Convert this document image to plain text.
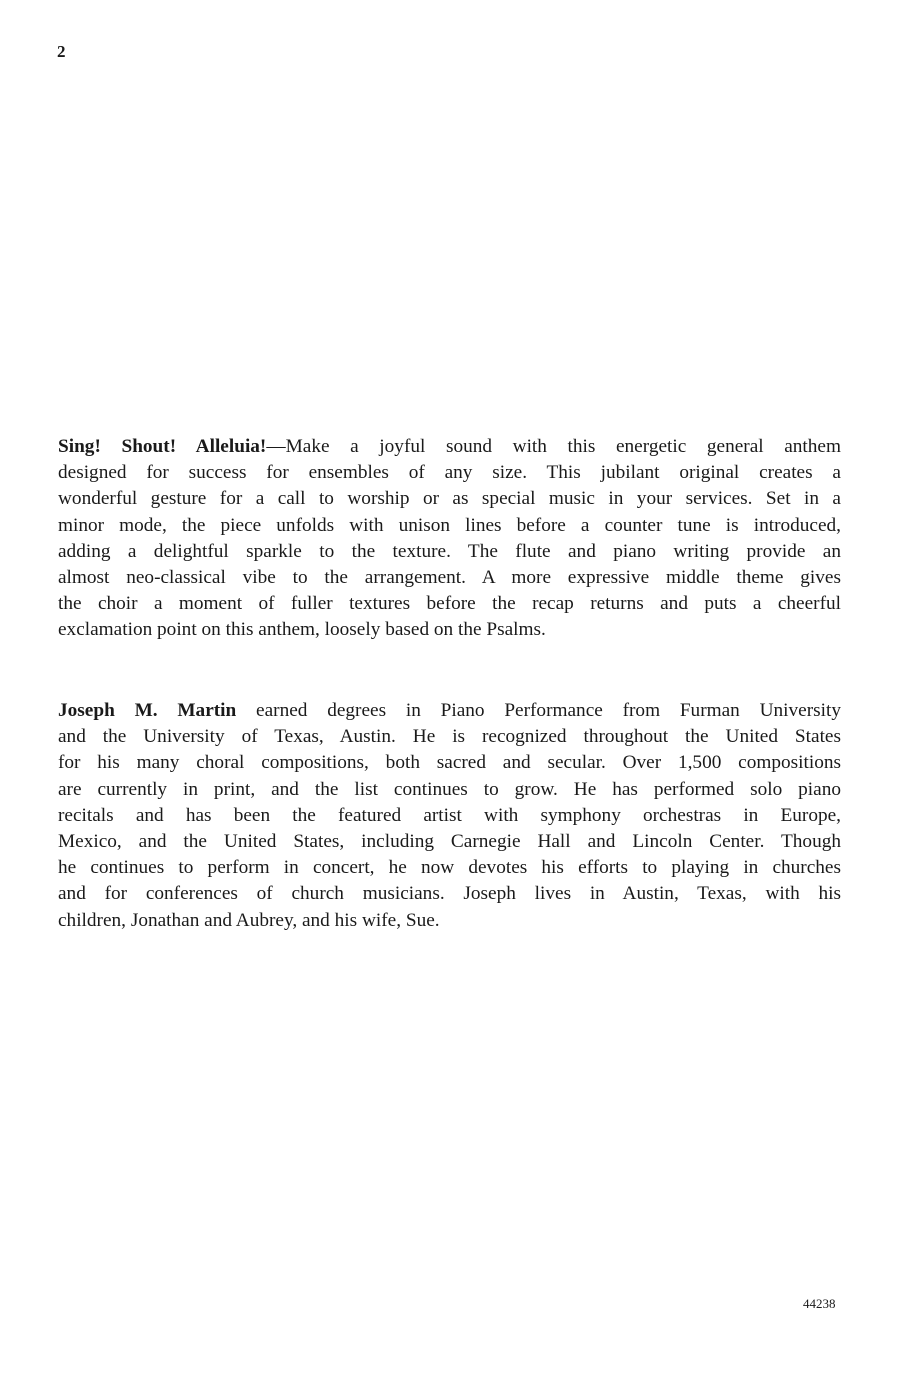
2
Sing! Shout! Alleluia!—Make a joyful sound with this energetic general anthem
designed for success for ensembles of any size. This jubilant original creates a
wonderful gesture for a call to worship or as special music in your services. Set in a
minor mode, the piece unfolds with unison lines before a counter tune is introduced,
adding a delightful sparkle to the texture. The flute and piano writing provide an
almost neo-classical vibe to the arrangement. A more expressive middle theme gives
the choir a moment of fuller textures before the recap returns and puts a cheerful
exclamation point on this anthem, loosely based on the Psalms.
Joseph M. Martin earned degrees in Piano Performance from Furman University
and the University of Texas, Austin. He is recognized throughout the United States
for his many choral compositions, both sacred and secular. Over 1,500 compositions
are currently in print, and the list continues to grow. He has performed solo piano
recitals and has been the featured artist with symphony orchestras in Europe,
Mexico, and the United States, including Carnegie Hall and Lincoln Center. Though
he continues to perform in concert, he now devotes his efforts to playing in churches
and for conferences of church musicians. Joseph lives in Austin, Texas, with his
children, Jonathan and Aubrey, and his wife, Sue.
44238
